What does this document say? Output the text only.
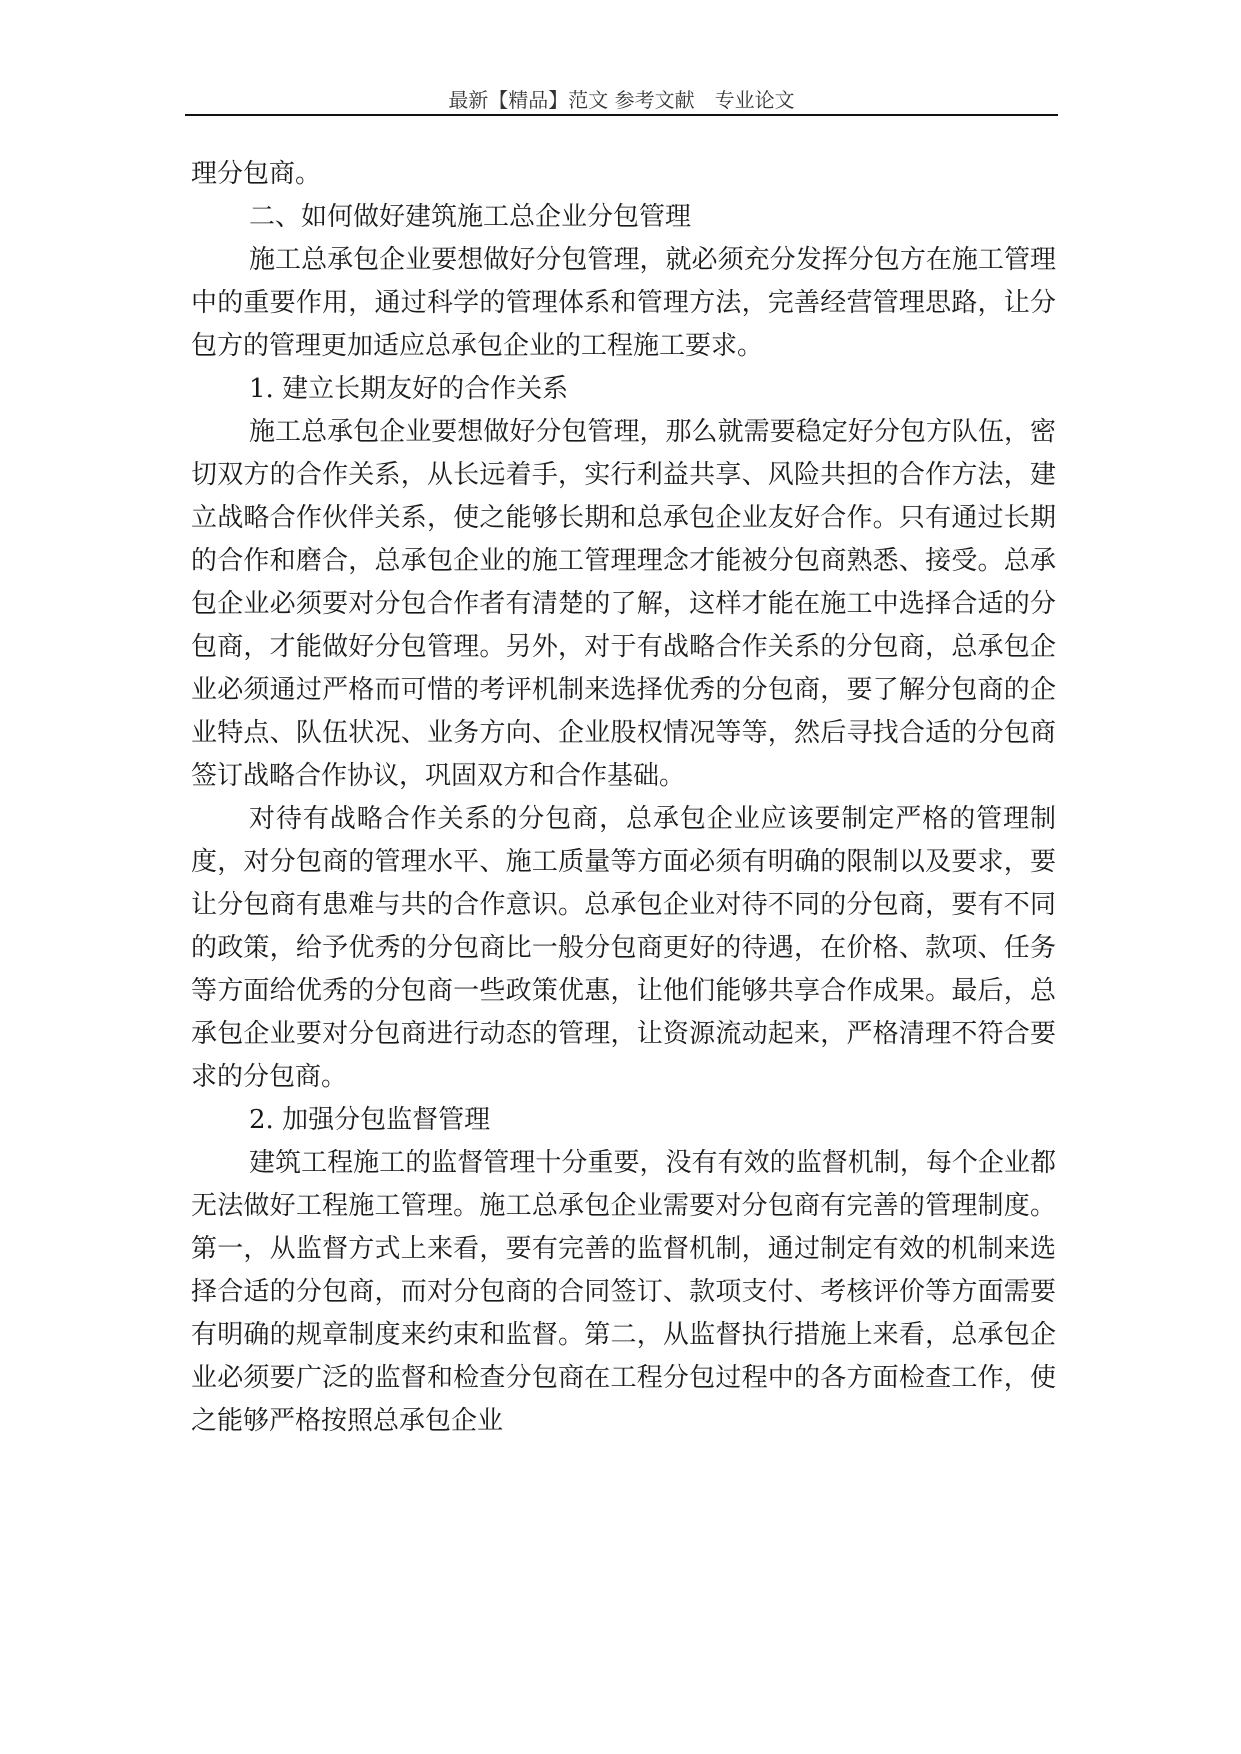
最新【精品】范文 参考文献　专业论文

理分包商。

二、如何做好建筑施工总企业分包管理

施工总承包企业要想做好分包管理，就必须充分发挥分包方在施工管理中的重要作用，通过科学的管理体系和管理方法，完善经营管理思路，让分包方的管理更加适应总承包企业的工程施工要求。

1. 建立长期友好的合作关系

施工总承包企业要想做好分包管理，那么就需要稳定好分包方队伍，密切双方的合作关系，从长远着手，实行利益共享、风险共担的合作方法，建立战略合作伙伴关系，使之能够长期和总承包企业友好合作。只有通过长期的合作和磨合，总承包企业的施工管理理念才能被分包商熟悉、接受。总承包企业必须要对分包合作者有清楚的了解，这样才能在施工中选择合适的分包商，才能做好分包管理。另外，对于有战略合作关系的分包商，总承包企业必须通过严格而可惜的考评机制来选择优秀的分包商，要了解分包商的企业特点、队伍状况、业务方向、企业股权情况等等，然后寻找合适的分包商签订战略合作协议，巩固双方和合作基础。

对待有战略合作关系的分包商，总承包企业应该要制定严格的管理制度，对分包商的管理水平、施工质量等方面必须有明确的限制以及要求，要让分包商有患难与共的合作意识。总承包企业对待不同的分包商，要有不同的政策，给予优秀的分包商比一般分包商更好的待遇，在价格、款项、任务等方面给优秀的分包商一些政策优惠，让他们能够共享合作成果。最后，总承包企业要对分包商进行动态的管理，让资源流动起来，严格清理不符合要求的分包商。

2. 加强分包监督管理

建筑工程施工的监督管理十分重要，没有有效的监督机制，每个企业都无法做好工程施工管理。施工总承包企业需要对分包商有完善的管理制度。第一，从监督方式上来看，要有完善的监督机制，通过制定有效的机制来选择合适的分包商，而对分包商的合同签订、款项支付、考核评价等方面需要有明确的规章制度来约束和监督。第二，从监督执行措施上来看，总承包企业必须要广泛的监督和检查分包商在工程分包过程中的各方面检查工作，使之能够严格按照总承包企业
